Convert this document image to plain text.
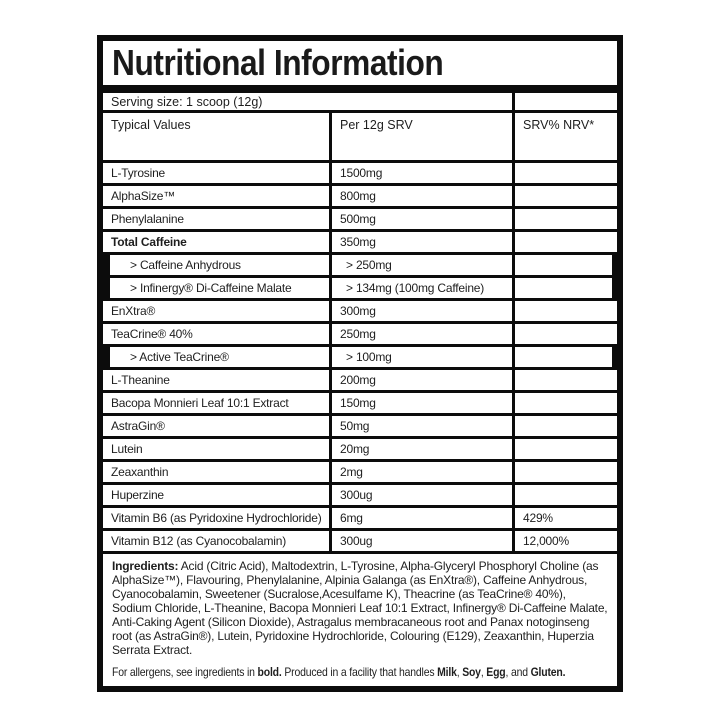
Nutritional Information
Serving size: 1 scoop (12g)
Typical Values	Per 12g SRV	SRV% NRV*
L-Tyrosine	1500mg
AlphaSize™	800mg
Phenylalanine	500mg
Total Caffeine	350mg
> Caffeine Anhydrous	> 250mg
> Infinergy® Di-Caffeine Malate	> 134mg (100mg Caffeine)
EnXtra®	300mg
TeaCrine® 40%	250mg
> Active TeaCrine®	> 100mg
L-Theanine	200mg
Bacopa Monnieri Leaf 10:1 Extract	150mg
AstraGin®	50mg
Lutein	20mg
Zeaxanthin	2mg
Huperzine	300ug
Vitamin B6 (as Pyridoxine Hydrochloride)	6mg	429%
Vitamin B12 (as Cyanocobalamin)	300ug	12,000%

Ingredients: Acid (Citric Acid), Maltodextrin, L-Tyrosine, Alpha-Glyceryl Phosphoryl Choline (as AlphaSize™), Flavouring, Phenylalanine, Alpinia Galanga (as EnXtra®), Caffeine Anhydrous, Cyanocobalamin, Sweetener (Sucralose,Acesulfame K), Theacrine (as TeaCrine® 40%), Sodium Chloride, L-Theanine, Bacopa Monnieri Leaf 10:1 Extract, Infinergy® Di-Caffeine Malate, Anti-Caking Agent (Silicon Dioxide), Astragalus membracaneous root and Panax notoginseng root (as AstraGin®), Lutein, Pyridoxine Hydrochloride, Colouring (E129), Zeaxanthin, Huperzia Serrata Extract.

For allergens, see ingredients in bold. Produced in a facility that handles Milk, Soy, Egg, and Gluten.
